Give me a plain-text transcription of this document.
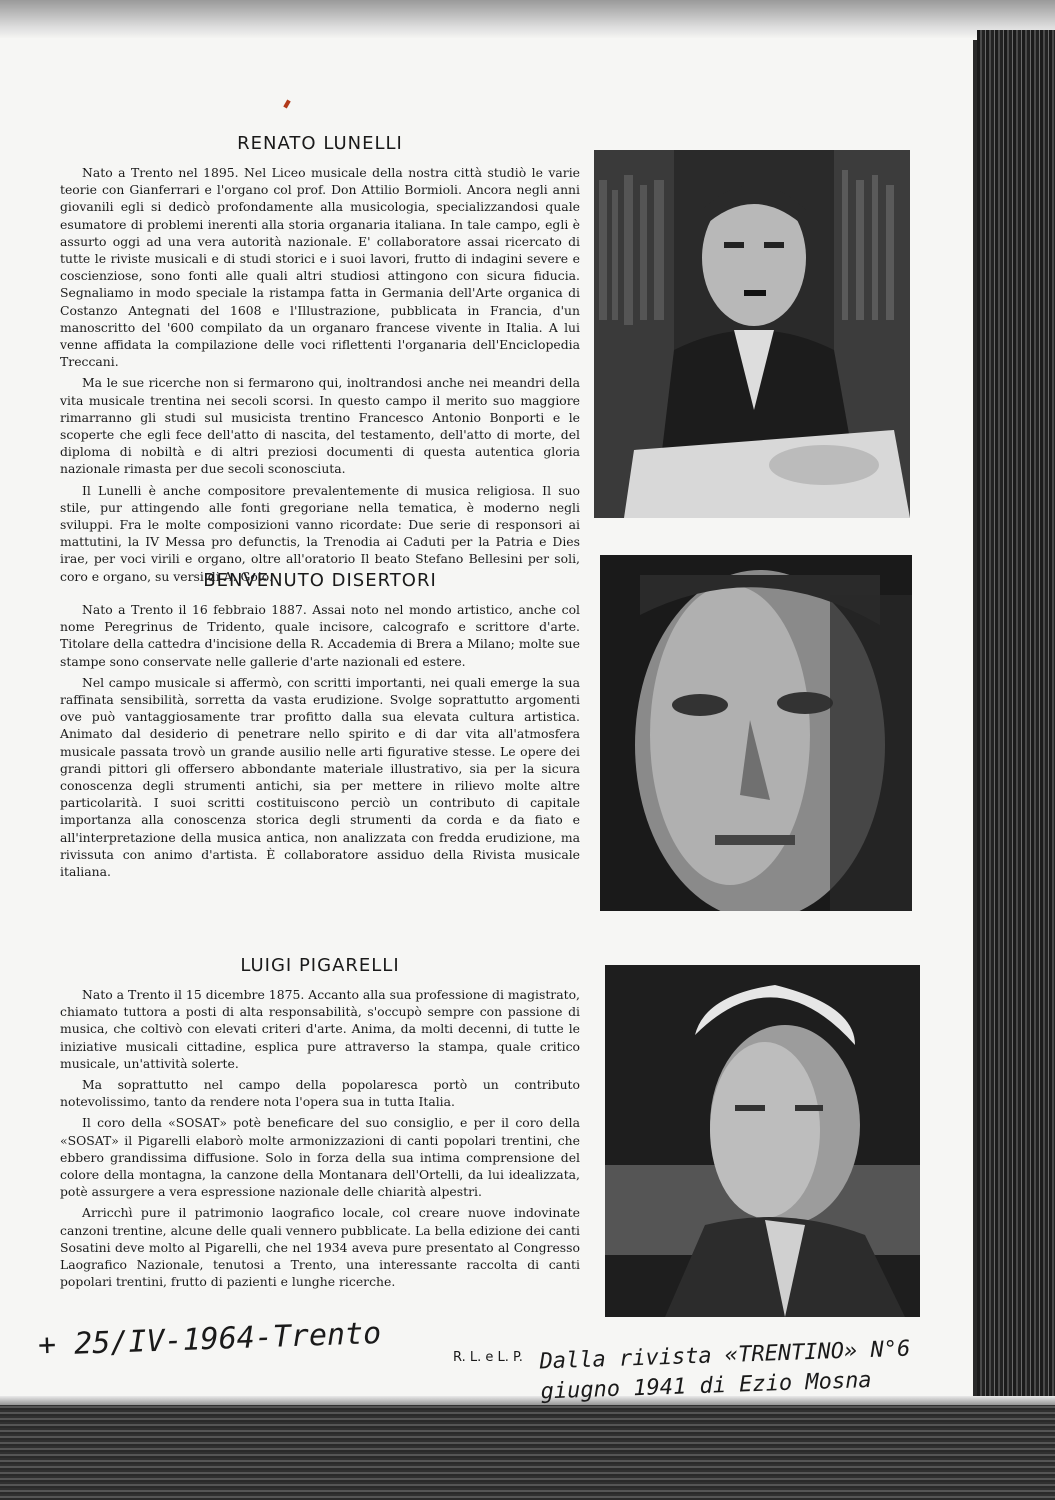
RENATO LUNELLI

Nato a Trento nel 1895. Nel Liceo musicale della nostra città studiò le varie teorie con Gianferrari e l'organo col prof. Don Attilio Bormioli. Ancora negli anni giovanili egli si dedicò profondamente alla musicologia, specializzandosi quale esumatore di problemi inerenti alla storia organaria italiana. In tale campo, egli è assurto oggi ad una vera autorità nazionale. E' collaboratore assai ricercato di tutte le riviste musicali e di studi storici e i suoi lavori, frutto di indagini severe e coscienziose, sono fonti alle quali altri studiosi attingono con sicura fiducia. Segnaliamo in modo speciale la ristampa fatta in Germania dell'Arte organica di Costanzo Antegnati del 1608 e l'Illustrazione, pubblicata in Francia, d'un manoscritto del '600 compilato da un organaro francese vivente in Italia. A lui venne affidata la compilazione delle voci riflettenti l'organaria dell'Enciclopedia Treccani.

Ma le sue ricerche non si fermarono qui, inoltrandosi anche nei meandri della vita musicale trentina nei secoli scorsi. In questo campo il merito suo maggiore rimarranno gli studi sul musicista trentino Francesco Antonio Bonporti e le scoperte che egli fece dell'atto di nascita, del testamento, dell'atto di morte, del diploma di nobiltà e di altri preziosi documenti di questa autentica gloria nazionale rimasta per due secoli sconosciuta.

Il Lunelli è anche compositore prevalentemente di musica religiosa. Il suo stile, pur attingendo alle fonti gregoriane nella tematica, è moderno negli sviluppi. Fra le molte composizioni vanno ricordate: Due serie di responsori ai mattutini, la IV Messa pro defunctis, la Trenodia ai Caduti per la Patria e Dies irae, per voci virili e organo, oltre all'oratorio Il beato Stefano Bellesini per soli, coro e organo, su versi di A. Goio.

BENVENUTO DISERTORI

Nato a Trento il 16 febbraio 1887. Assai noto nel mondo artistico, anche col nome Peregrinus de Tridento, quale incisore, calcografo e scrittore d'arte. Titolare della cattedra d'incisione della R. Accademia di Brera a Milano; molte sue stampe sono conservate nelle gallerie d'arte nazionali ed estere.

Nel campo musicale si affermò, con scritti importanti, nei quali emerge la sua raffinata sensibilità, sorretta da vasta erudizione. Svolge soprattutto argomenti ove può vantaggiosamente trar profitto dalla sua elevata cultura artistica. Animato dal desiderio di penetrare nello spirito e di dar vita all'atmosfera musicale passata trovò un grande ausilio nelle arti figurative stesse. Le opere dei grandi pittori gli offersero abbondante materiale illustrativo, sia per la sicura conoscenza degli strumenti antichi, sia per mettere in rilievo molte altre particolarità. I suoi scritti costituiscono perciò un contributo di capitale importanza alla conoscenza storica degli strumenti da corda e da fiato e all'interpretazione della musica antica, non analizzata con fredda erudizione, ma rivissuta con animo d'artista. È collaboratore assiduo della Rivista musicale italiana.

LUIGI PIGARELLI

Nato a Trento il 15 dicembre 1875. Accanto alla sua professione di magistrato, chiamato tuttora a posti di alta responsabilità, s'occupò sempre con passione di musica, che coltivò con elevati criteri d'arte. Anima, da molti decenni, di tutte le iniziative musicali cittadine, esplica pure attraverso la stampa, quale critico musicale, un'attività solerte.

Ma soprattutto nel campo della popolaresca portò un contributo notevolissimo, tanto da rendere nota l'opera sua in tutta Italia.

Il coro della «SOSAT» potè beneficare del suo consiglio, e per il coro della «SOSAT» il Pigarelli elaborò molte armonizzazioni di canti popolari trentini, che ebbero grandissima diffusione. Solo in forza della sua intima comprensione del colore della montagna, la canzone della Montanara dell'Ortelli, da lui idealizzata, potè assurgere a vera espressione nazionale delle chiarità alpestri.

Arricchì pure il patrimonio laografico locale, col creare nuove indovinate canzoni trentine, alcune delle quali vennero pubblicate. La bella edizione dei canti Sosatini deve molto al Pigarelli, che nel 1934 aveva pure presentato al Congresso Laografico Nazionale, tenutosi a Trento, una interessante raccolta di canti popolari trentini, frutto di pazienti e lunghe ricerche.

R. L. e L. P.
+ 25/IV-1964-Trento	Dalla rivista «TRENTINO» N°6
giugno 1941 di Ezio Mosna
